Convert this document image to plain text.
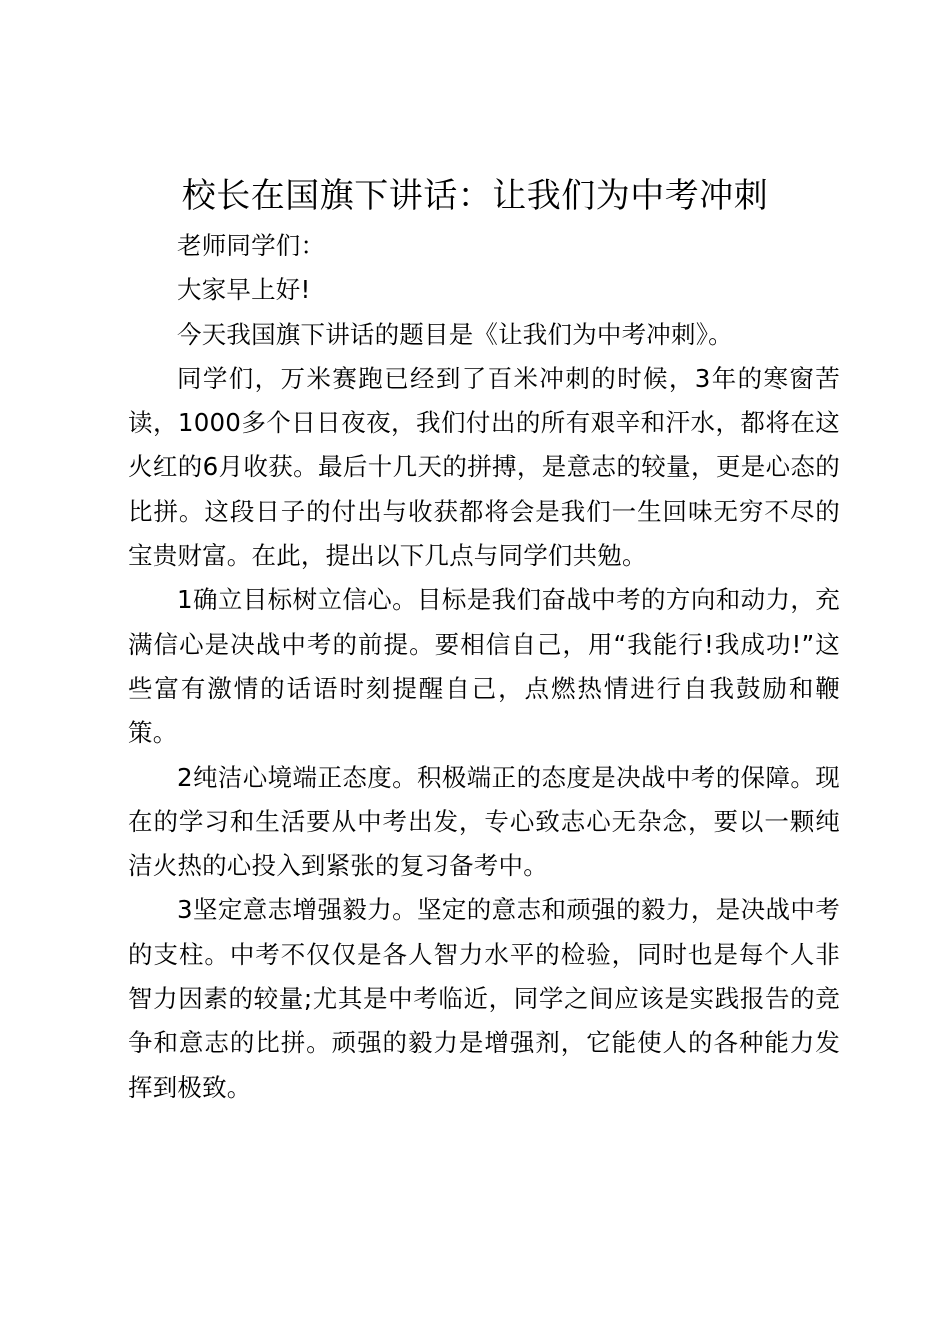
校长在国旗下讲话：让我们为中考冲刺

老师同学们：

大家早上好!

今天我国旗下讲话的题目是《让我们为中考冲刺》。

同学们，万米赛跑已经到了百米冲刺的时候，3年的寒窗苦读，1000多个日日夜夜，我们付出的所有艰辛和汗水，都将在这火红的6月收获。最后十几天的拼搏，是意志的较量，更是心态的比拼。这段日子的付出与收获都将会是我们一生回味无穷不尽的宝贵财富。在此，提出以下几点与同学们共勉。

1确立目标树立信心。目标是我们奋战中考的方向和动力，充满信心是决战中考的前提。要相信自己，用“我能行!我成功!”这些富有激情的话语时刻提醒自己，点燃热情进行自我鼓励和鞭策。

2纯洁心境端正态度。积极端正的态度是决战中考的保障。现在的学习和生活要从中考出发，专心致志心无杂念，要以一颗纯洁火热的心投入到紧张的复习备考中。

3坚定意志增强毅力。坚定的意志和顽强的毅力，是决战中考的支柱。中考不仅仅是各人智力水平的检验，同时也是每个人非智力因素的较量;尤其是中考临近，同学之间应该是实践报告的竞争和意志的比拼。顽强的毅力是增强剂，它能使人的各种能力发挥到极致。
